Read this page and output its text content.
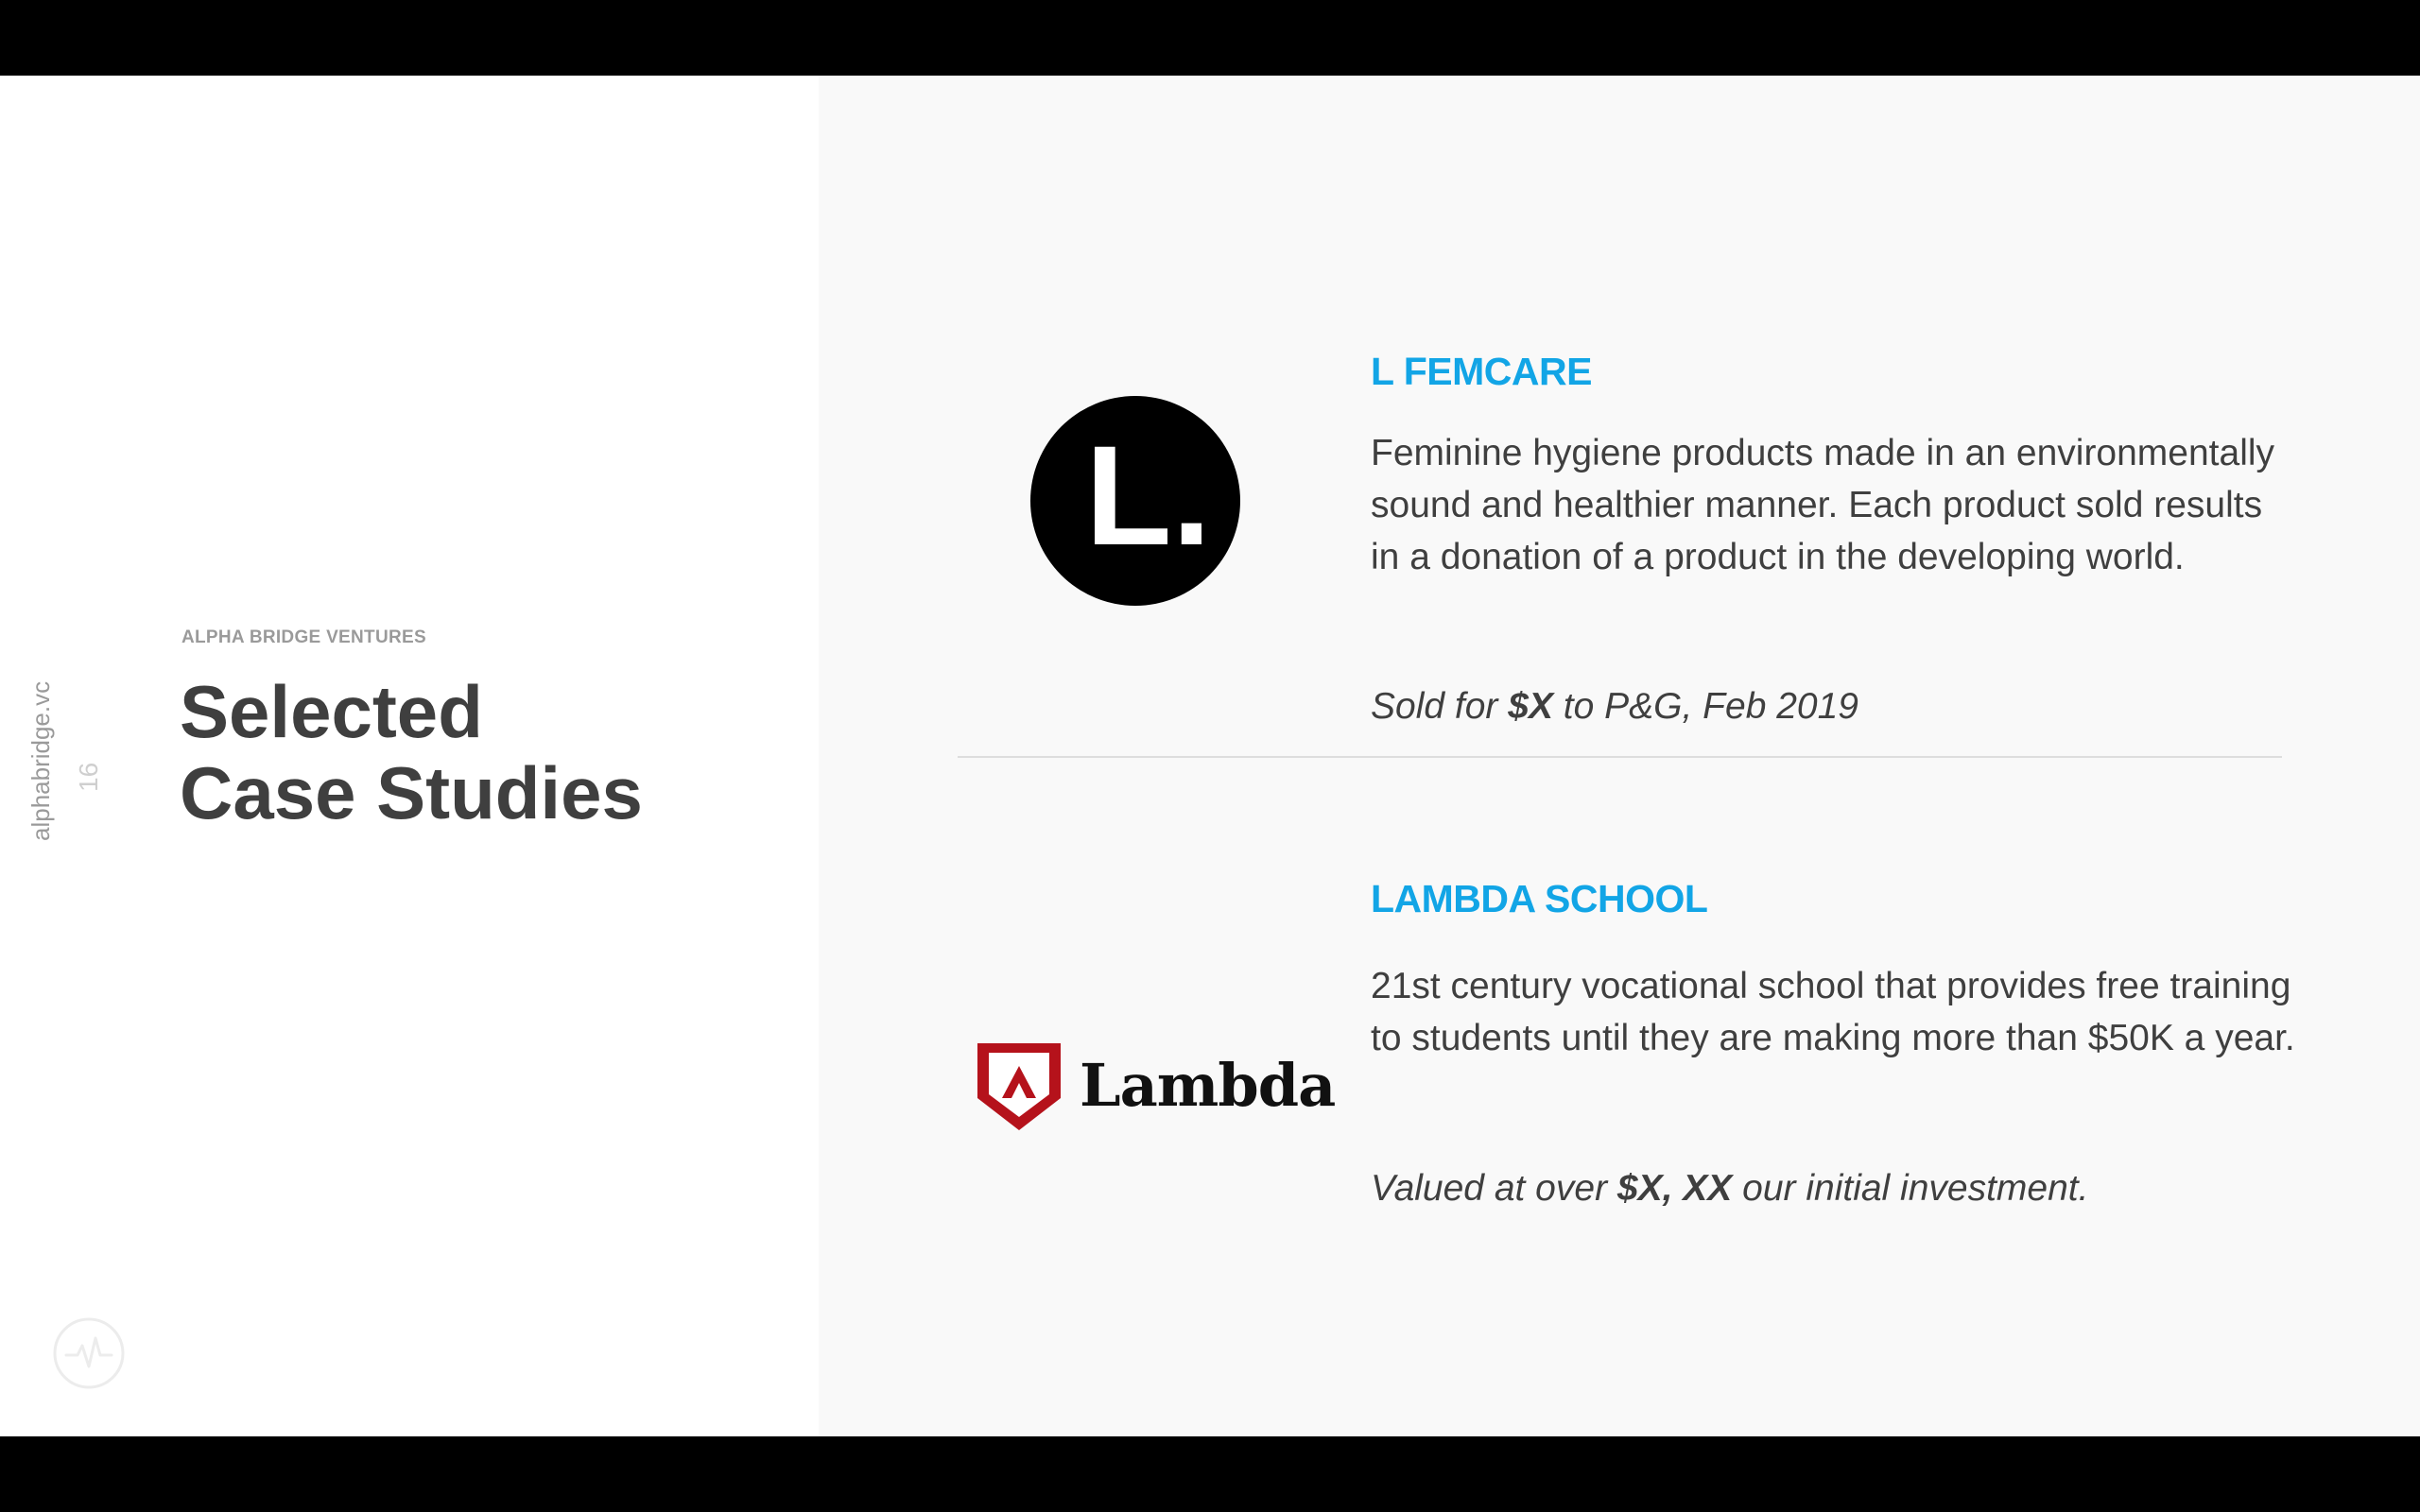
alphabridge.vc 16
ALPHA BRIDGE VENTURES
Selected
Case Studies
L.
L FEMCARE
Feminine hygiene products made in an environmentally sound and healthier manner. Each product sold results in a donation of a product in the developing world.
Sold for $X to P&G, Feb 2019
Lambda
LAMBDA SCHOOL
21st century vocational school that provides free training to students until they are making more than $50K a year.
Valued at over $X, XX our initial investment.
